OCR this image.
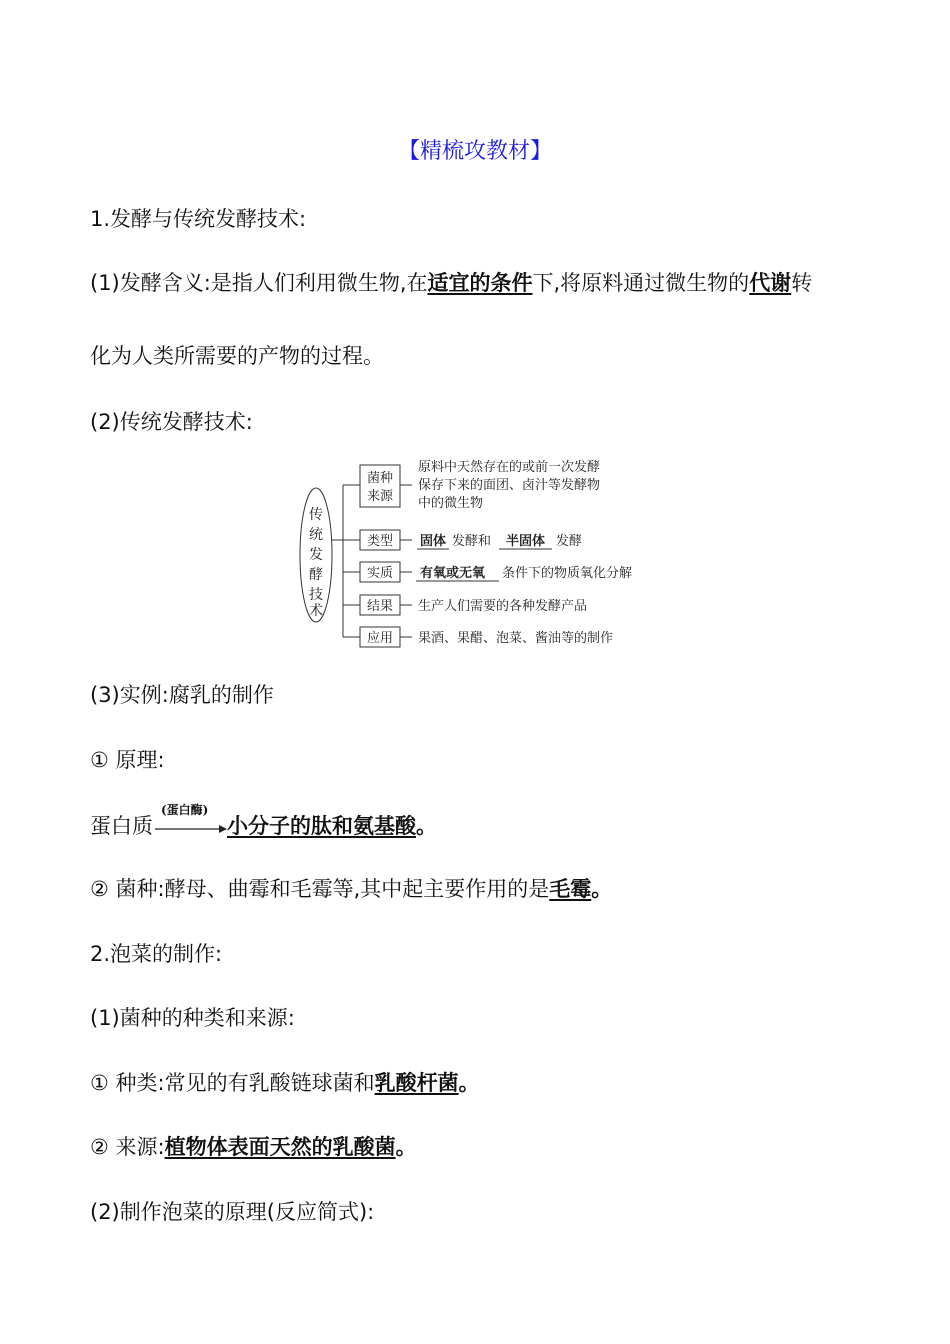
【精梳攻教材】
1.发酵与传统发酵技术:
(1)发酵含义:是指人们利用微生物,在适宜的条件下,将原料通过微生物的代谢转
化为人类所需要的产物的过程。
(2)传统发酵技术:
传
统
发
酵
技
术
菌种
来源
原料中天然存在的或前一次发酵
保存下来的面团、卤汁等发酵物
中的微生物
类型 固体 发酵和 半固体 发酵
实质 有氧或无氧 条件下的物质氧化分解
结果 生产人们需要的各种发酵产品
应用 果酒、果醋、泡菜、酱油等的制作
(3)实例:腐乳的制作
① 原理:
蛋白质
(蛋白酶)
小分子的肽和氨基酸。
② 菌种:酵母、曲霉和毛霉等,其中起主要作用的是毛霉。
2.泡菜的制作:
(1)菌种的种类和来源:
① 种类:常见的有乳酸链球菌和乳酸杆菌。
② 来源:植物体表面天然的乳酸菌。
(2)制作泡菜的原理(反应简式):
